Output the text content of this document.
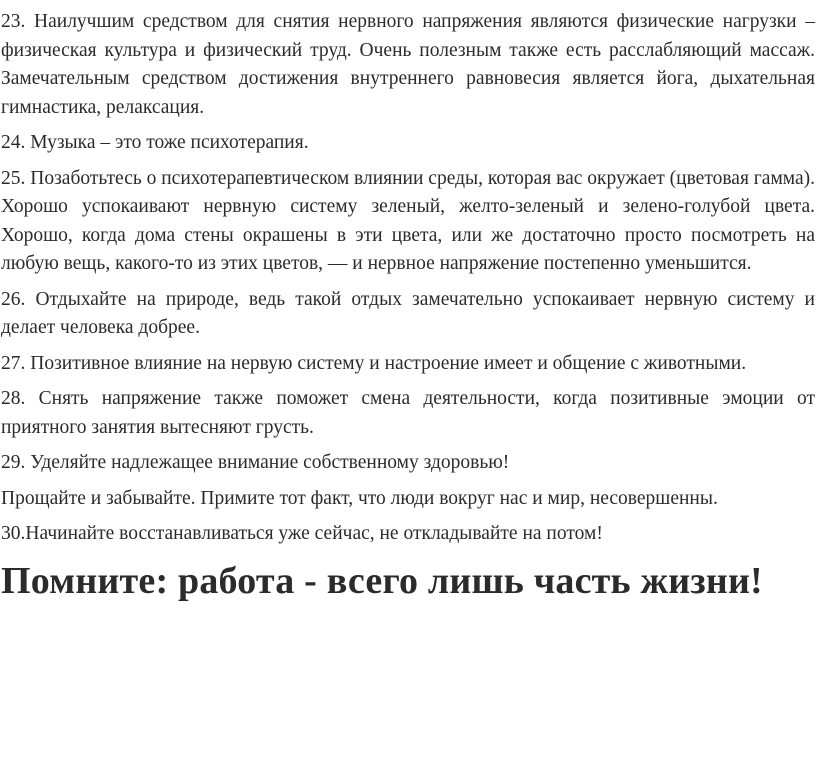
23. Наилучшим средством для снятия нервного напряжения являются физические нагрузки – физическая культура и физический труд. Очень полезным также есть расслабляющий массаж. Замечательным средством достижения внутреннего равновесия является йога, дыхательная гимнастика, релаксация.

24. Музыка – это тоже психотерапия.

25. Позаботьтесь о психотерапевтическом влиянии среды, которая вас окружает (цветовая гамма). Хорошо успокаивают нервную систему зеленый, желто-зеленый и зелено-голубой цвета. Хорошо, когда дома стены окрашены в эти цвета, или же достаточно просто посмотреть на любую вещь, какого-то из этих цветов, — и нервное напряжение постепенно уменьшится.

26. Отдыхайте на природе, ведь такой отдых замечательно успокаивает нервную систему и делает человека добрее.

27. Позитивное влияние на нервую систему и настроение имеет и общение с животными.

28. Снять напряжение также поможет смена деятельности, когда позитивные эмоции от приятного занятия вытесняют грусть.

29. Уделяйте надлежащее внимание собственному здоровью!

Прощайте и забывайте. Примите тот факт, что люди вокруг нас и мир, несовершенны.

30.Начинайте восстанавливаться уже сейчас, не откладывайте на потом!

Помните: работа - всего лишь часть жизни!
